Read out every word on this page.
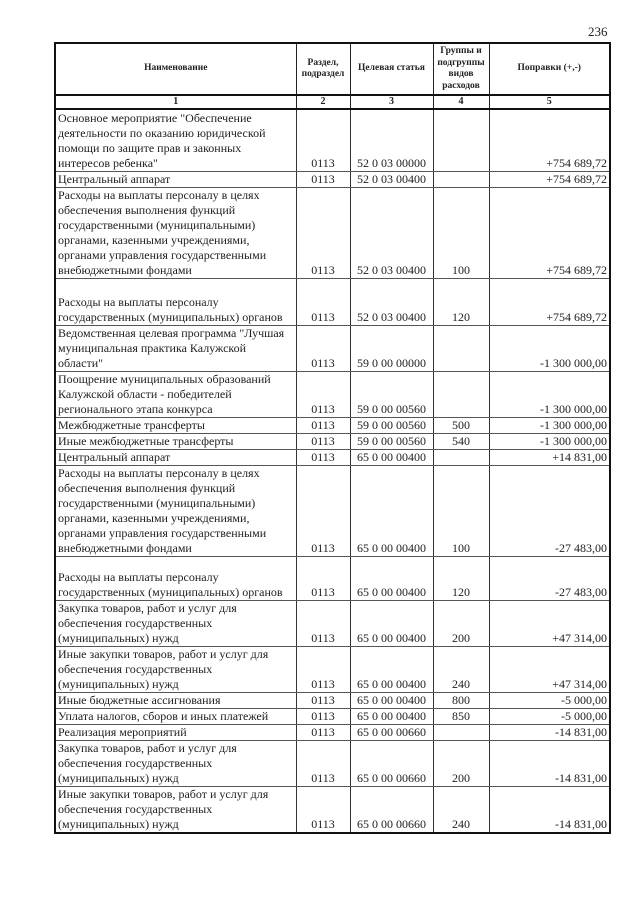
236
Наименование	Раздел, подраздел	Целевая статья	Группы и подгруппы видов расходов	Поправки (+,-)
1	2	3	4	5
Основное мероприятие "Обеспечение деятельности по оказанию юридической помощи по защите прав и законных интересов ребенка"	0113	52 0 03 00000		+754 689,72
Центральный аппарат	0113	52 0 03 00400		+754 689,72
Расходы на выплаты персоналу в целях обеспечения выполнения функций государственными (муниципальными) органами, казенными учреждениями, органами управления государственными внебюджетными фондами	0113	52 0 03 00400	100	+754 689,72
Расходы на выплаты персоналу государственных (муниципальных) органов	0113	52 0 03 00400	120	+754 689,72
Ведомственная целевая программа "Лучшая муниципальная практика Калужской области"	0113	59 0 00 00000		-1 300 000,00
Поощрение муниципальных образований Калужской области - победителей регионального этапа конкурса	0113	59 0 00 00560		-1 300 000,00
Межбюджетные трансферты	0113	59 0 00 00560	500	-1 300 000,00
Иные межбюджетные трансферты	0113	59 0 00 00560	540	-1 300 000,00
Центральный аппарат	0113	65 0 00 00400		+14 831,00
Расходы на выплаты персоналу в целях обеспечения выполнения функций государственными (муниципальными) органами, казенными учреждениями, органами управления государственными внебюджетными фондами	0113	65 0 00 00400	100	-27 483,00
Расходы на выплаты персоналу государственных (муниципальных) органов	0113	65 0 00 00400	120	-27 483,00
Закупка товаров, работ и услуг для обеспечения государственных (муниципальных) нужд	0113	65 0 00 00400	200	+47 314,00
Иные закупки товаров, работ и услуг для обеспечения государственных (муниципальных) нужд	0113	65 0 00 00400	240	+47 314,00
Иные бюджетные ассигнования	0113	65 0 00 00400	800	-5 000,00
Уплата налогов, сборов и иных платежей	0113	65 0 00 00400	850	-5 000,00
Реализация мероприятий	0113	65 0 00 00660		-14 831,00
Закупка товаров, работ и услуг для обеспечения государственных (муниципальных) нужд	0113	65 0 00 00660	200	-14 831,00
Иные закупки товаров, работ и услуг для обеспечения государственных (муниципальных) нужд	0113	65 0 00 00660	240	-14 831,00
